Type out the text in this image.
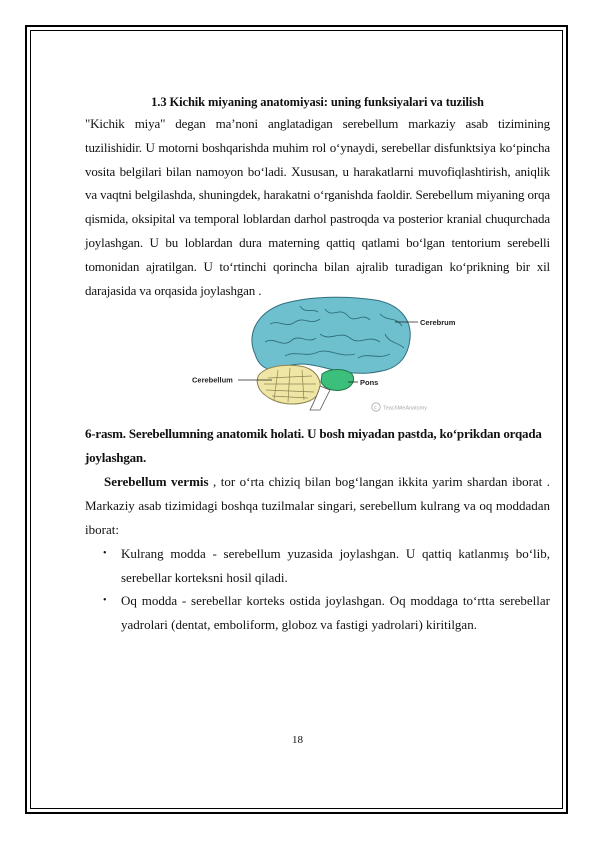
1.3 Kichik miyaning anatomiyasi: uning funksiyalari va tuzilish

"Kichik miya" degan ma’noni anglatadigan serebellum markaziy asab tizimining tuzilishidir. U motorni boshqarishda muhim rol o‘ynaydi, serebellar disfunktsiya ko‘pincha vosita belgilari bilan namoyon bo‘ladi. Xususan, u harakatlarni muvofiqlashtirish, aniqlik va vaqtni belgilashda, shuningdek, harakatni o‘rganishda faoldir. Serebellum miyaning orqa qismida, oksipital va temporal loblardan darhol pastroqda va posterior kranial chuqurchada joylashgan. U bu loblardan dura materning qattiq qatlami bo‘lgan tentorium serebelli tomonidan ajratilgan. U to‘rtinchi qorincha bilan ajralib turadigan ko‘prikning bir xil darajasida va orqasida joylashgan .

Cerebrum
Cerebellum	Pons
c TeachMeAnatomy
6-rasm. Serebellumning anatomik holati. U bosh miyadan pastda, ko‘prikdan orqada joylashgan.

Serebellum vermis , tor o‘rta chiziq bilan bog‘langan ikkita yarim shardan iborat . Markaziy asab tizimidagi boshqa tuzilmalar singari, serebellum kulrang va oq moddadan iborat:

• Kulrang modda - serebellum yuzasida joylashgan. U qattiq katlanmış bo‘lib, serebellar korteksni hosil qiladi.
• Oq modda - serebellar korteks ostida joylashgan. Oq moddaga to‘rtta serebellar yadrolari (dentat, emboliform, globoz va fastigi yadrolari) kiritilgan.
18
